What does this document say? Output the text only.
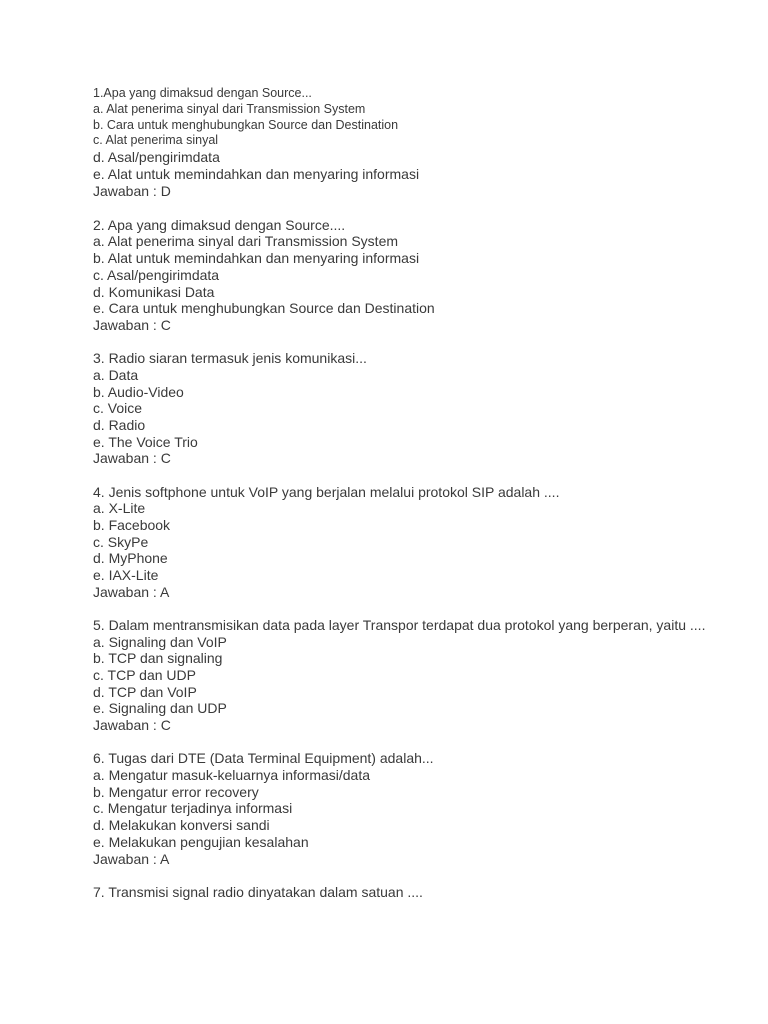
1.Apa yang dimaksud dengan Source...
a. Alat penerima sinyal dari Transmission System
b. Cara untuk menghubungkan Source dan Destination
c. Alat penerima sinyal
d. Asal/pengirimdata
e. Alat untuk memindahkan dan menyaring informasi
Jawaban : D
2. Apa yang dimaksud dengan Source....
a. Alat penerima sinyal dari Transmission System
b. Alat untuk memindahkan dan menyaring informasi
c. Asal/pengirimdata
d. Komunikasi Data
e. Cara untuk menghubungkan Source dan Destination
Jawaban : C
3. Radio siaran termasuk jenis komunikasi...
a. Data
b. Audio-Video
c. Voice
d. Radio
e. The Voice Trio
Jawaban : C
4. Jenis softphone untuk VoIP yang berjalan melalui protokol SIP adalah ....
a. X-Lite
b. Facebook
c. SkyPe
d. MyPhone
e. IAX-Lite
Jawaban : A
5. Dalam mentransmisikan data pada layer Transpor terdapat dua protokol yang berperan, yaitu ....
a. Signaling dan VoIP
b. TCP dan signaling
c. TCP dan UDP
d. TCP dan VoIP
e. Signaling dan UDP
Jawaban : C
6. Tugas dari DTE (Data Terminal Equipment) adalah...
a. Mengatur masuk-keluarnya informasi/data
b. Mengatur error recovery
c. Mengatur terjadinya informasi
d. Melakukan konversi sandi
e. Melakukan pengujian kesalahan
Jawaban : A
7. Transmisi signal radio dinyatakan dalam satuan ....
